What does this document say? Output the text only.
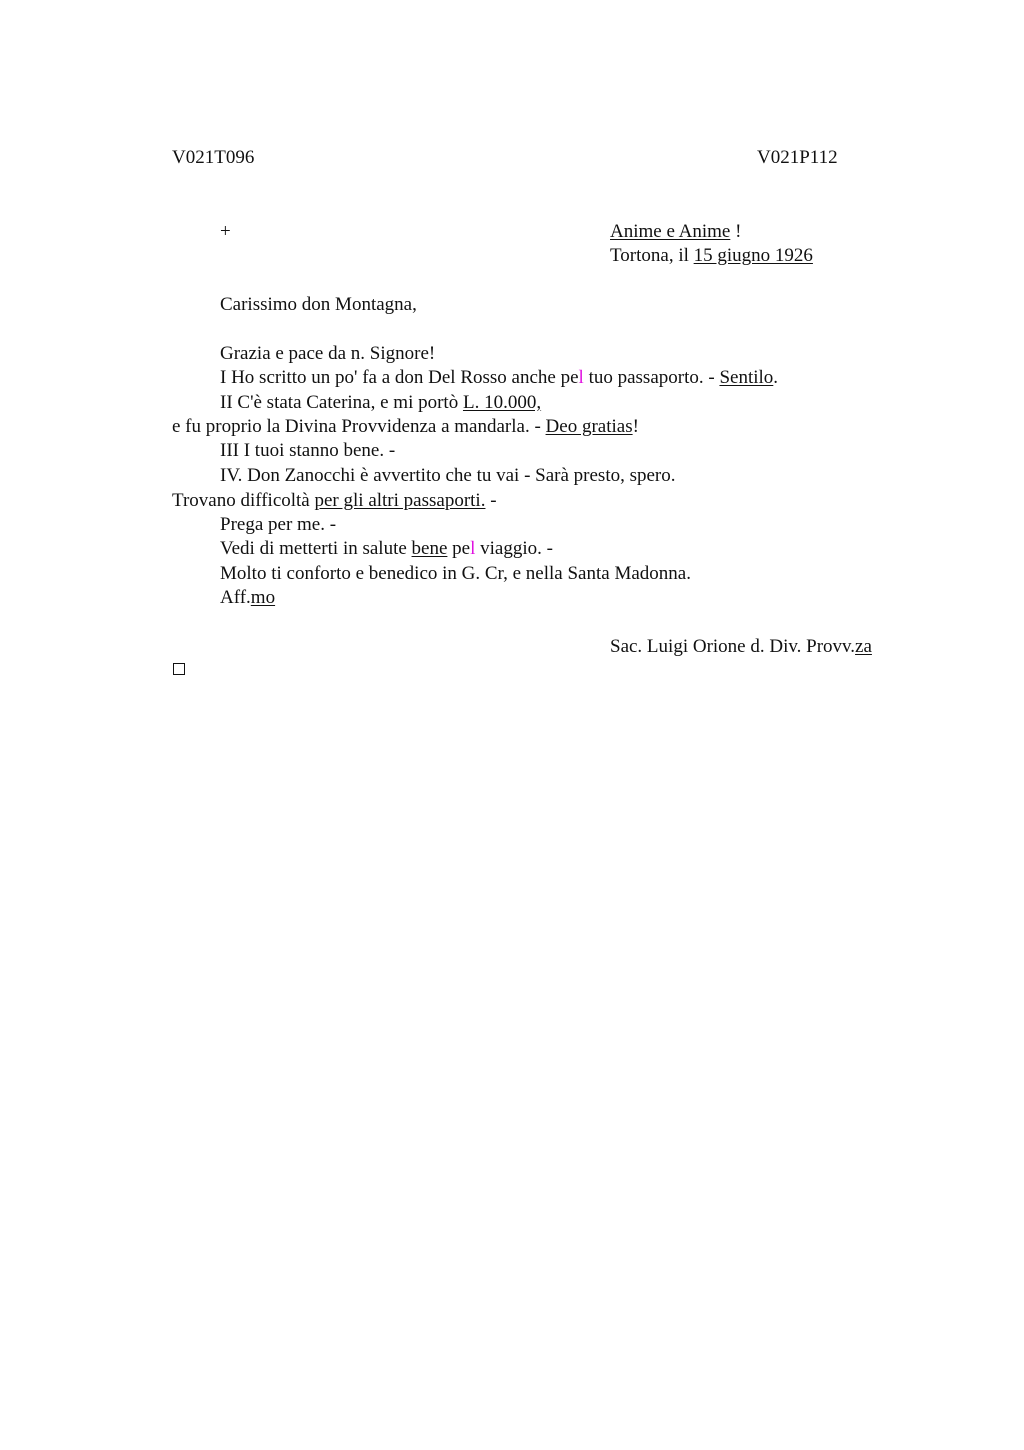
V021T096	V021P112
+	Anime e Anime !
Tortona, il 15 giugno 1926
Carissimo don Montagna,
Grazia e pace da n. Signore!
I Ho scritto un po' fa a don Del Rosso anche pel tuo passaporto. - Sentilo.
II C'è stata Caterina, e mi portò L. 10.000,
e fu proprio la Divina Provvidenza a mandarla. - Deo gratias!
III I tuoi stanno bene. -
IV. Don Zanocchi è avvertito che tu vai - Sarà presto, spero.
Trovano difficoltà per gli altri passaporti. -
Prega per me. -
Vedi di metterti in salute bene pel viaggio. -
Molto ti conforto e benedico in G. Cr, e nella Santa Madonna.
Aff.mo
Sac. Luigi Orione d. Div. Provv.za
